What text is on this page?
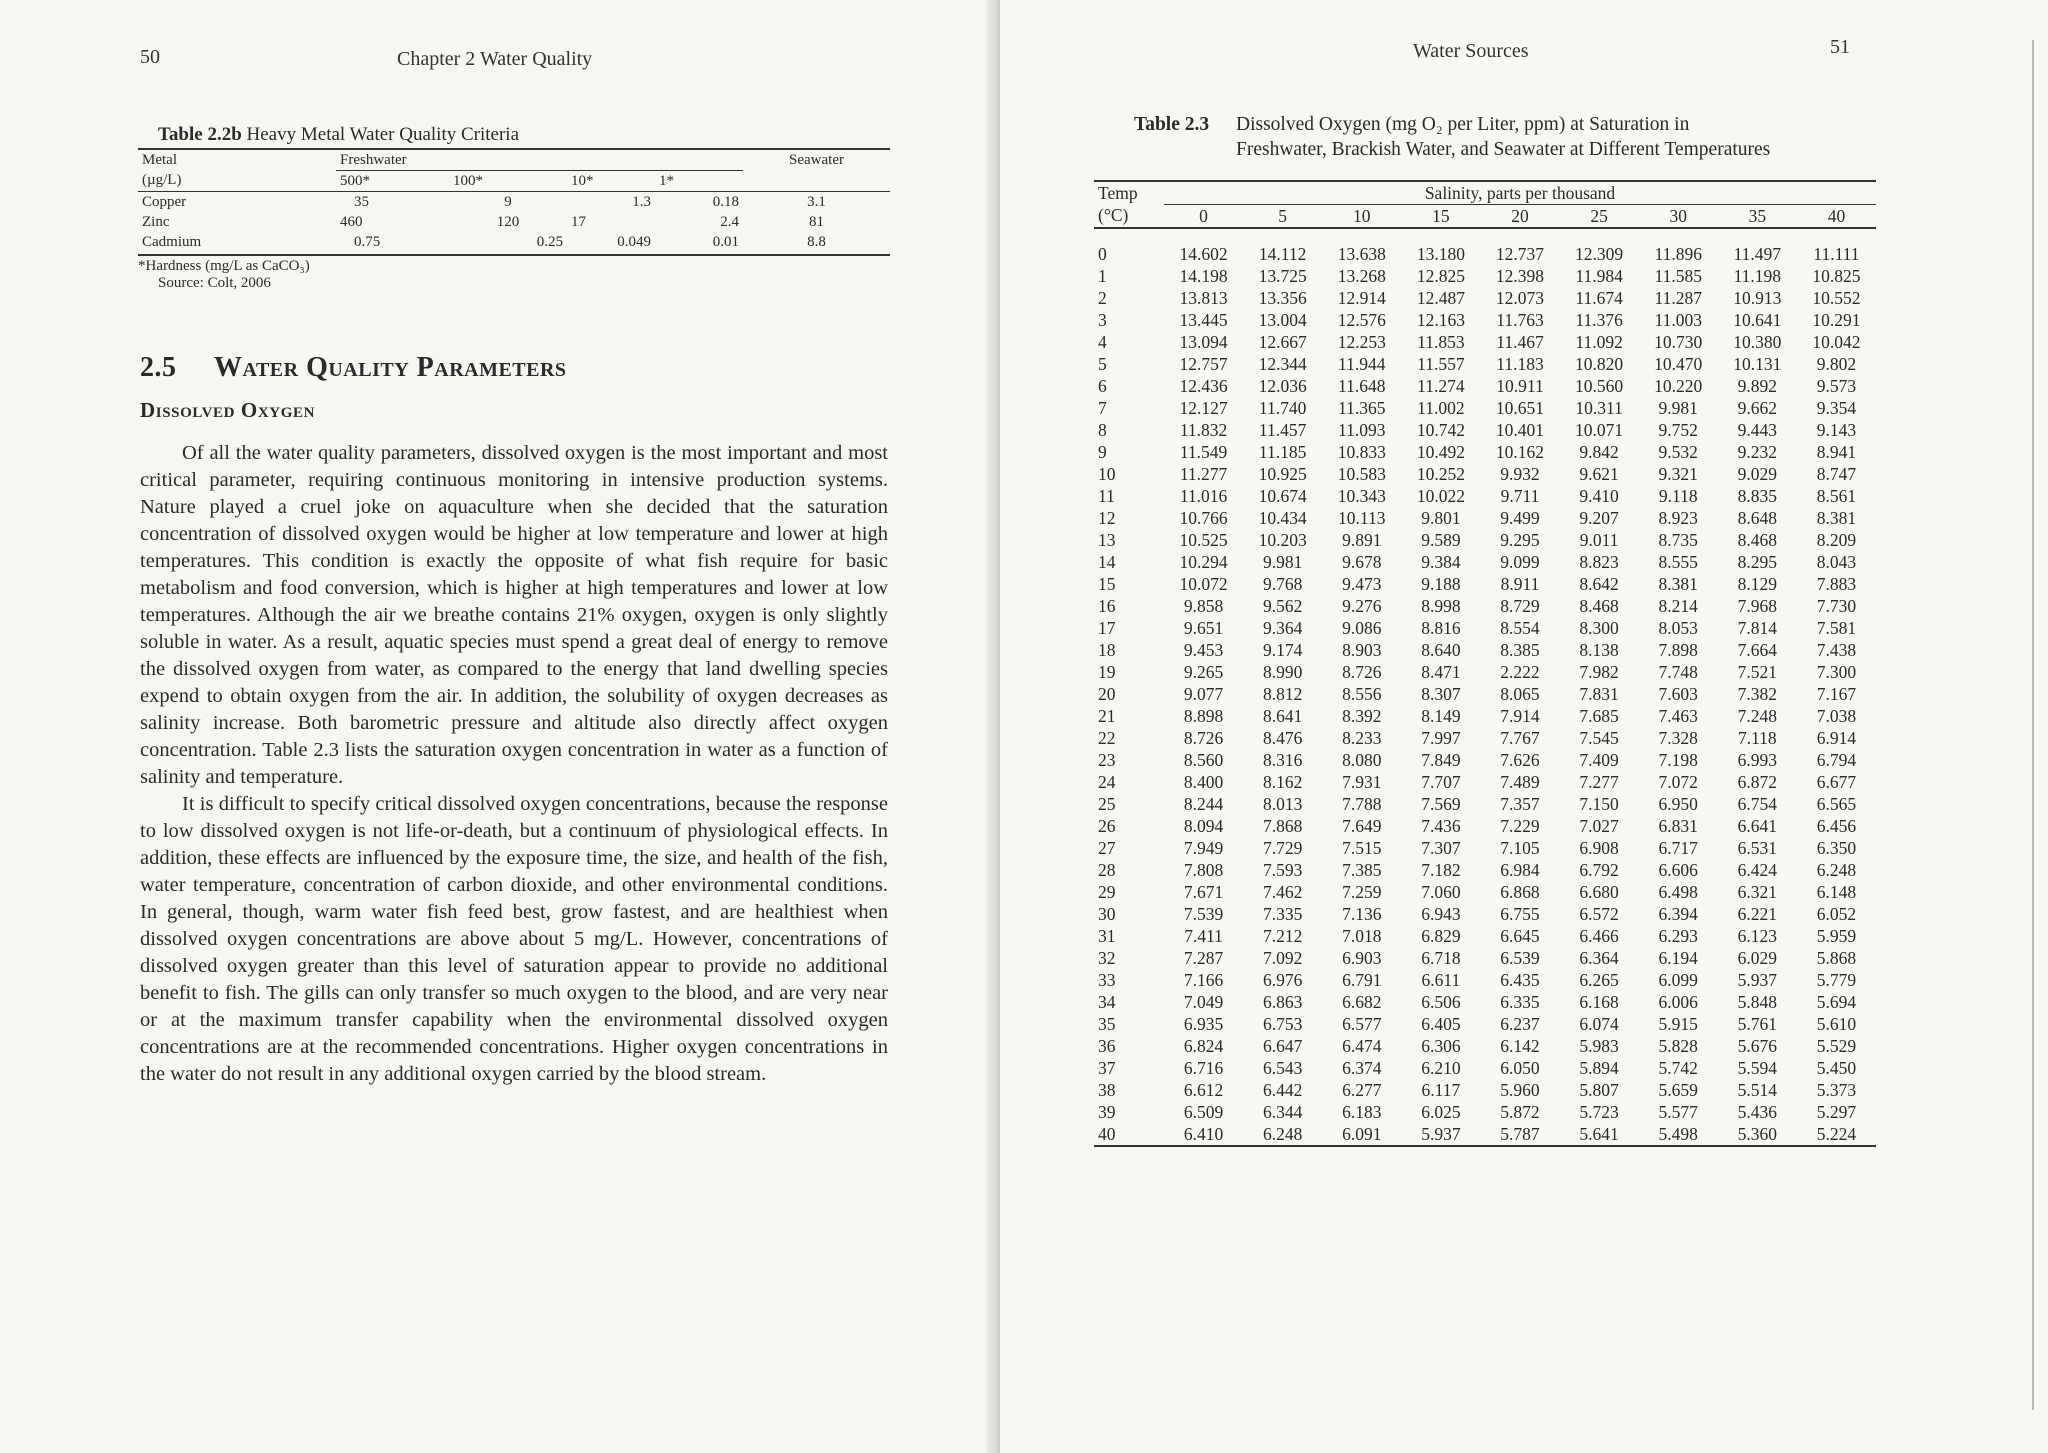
50	Chapter 2 Water Quality
Table 2.2b Heavy Metal Water Quality Criteria
Metal	Freshwater				Seawater
(µg/L)	500*	100*	10*	1*	
Copper	35	9	1.3	0.18	3.1
Zinc	460	120	17	2.4	81
Cadmium	0.75	0.25	0.049	0.01	8.8
*Hardness (mg/L as CaCO₃)
Source: Colt, 2006
2.5 Water Quality Parameters
Dissolved Oxygen

Of all the water quality parameters, dissolved oxygen is the most important and most critical parameter, requiring continuous monitoring in intensive production systems. Nature played a cruel joke on aquaculture when she decided that the saturation concentration of dissolved oxygen would be higher at low temperature and lower at high temperatures. This condition is exactly the opposite of what fish require for basic metabolism and food conversion, which is higher at high temperatures and lower at low temperatures. Although the air we breathe contains 21% oxygen, oxygen is only slightly soluble in water. As a result, aquatic species must spend a great deal of energy to remove the dissolved oxygen from water, as compared to the energy that land dwelling species expend to obtain oxygen from the air. In addition, the solubility of oxygen decreases as salinity increase. Both barometric pressure and altitude also directly affect oxygen concentration. Table 2.3 lists the saturation oxygen concentration in water as a function of salinity and temperature.

It is difficult to specify critical dissolved oxygen concentrations, because the response to low dissolved oxygen is not life-or-death, but a continuum of physiological effects. In addition, these effects are influenced by the exposure time, the size, and health of the fish, water temperature, concentration of carbon dioxide, and other environmental conditions. In general, though, warm water fish feed best, grow fastest, and are healthiest when dissolved oxygen concentrations are above about 5 mg/L. However, concentrations of dissolved oxygen greater than this level of saturation appear to provide no additional benefit to fish. The gills can only transfer so much oxygen to the blood, and are very near or at the maximum transfer capability when the environmental dissolved oxygen concentrations are at the recommended concentrations. Higher oxygen concentrations in the water do not result in any additional oxygen carried by the blood stream.

Water Sources	51
Table 2.3 Dissolved Oxygen (mg O₂ per Liter, ppm) at Saturation in Freshwater, Brackish Water, and Seawater at Different Temperatures
Temp	Salinity, parts per thousand								
(°C)	0	5	10	15	20	25	30	35	40
0	14.602	14.112	13.638	13.180	12.737	12.309	11.896	11.497	11.111
1	14.198	13.725	13.268	12.825	12.398	11.984	11.585	11.198	10.825
2	13.813	13.356	12.914	12.487	12.073	11.674	11.287	10.913	10.552
3	13.445	13.004	12.576	12.163	11.763	11.376	11.003	10.641	10.291
4	13.094	12.667	12.253	11.853	11.467	11.092	10.730	10.380	10.042
5	12.757	12.344	11.944	11.557	11.183	10.820	10.470	10.131	9.802
6	12.436	12.036	11.648	11.274	10.911	10.560	10.220	9.892	9.573
7	12.127	11.740	11.365	11.002	10.651	10.311	9.981	9.662	9.354
8	11.832	11.457	11.093	10.742	10.401	10.071	9.752	9.443	9.143
9	11.549	11.185	10.833	10.492	10.162	9.842	9.532	9.232	8.941
10	11.277	10.925	10.583	10.252	9.932	9.621	9.321	9.029	8.747
11	11.016	10.674	10.343	10.022	9.711	9.410	9.118	8.835	8.561
12	10.766	10.434	10.113	9.801	9.499	9.207	8.923	8.648	8.381
13	10.525	10.203	9.891	9.589	9.295	9.011	8.735	8.468	8.209
14	10.294	9.981	9.678	9.384	9.099	8.823	8.555	8.295	8.043
15	10.072	9.768	9.473	9.188	8.911	8.642	8.381	8.129	7.883
16	9.858	9.562	9.276	8.998	8.729	8.468	8.214	7.968	7.730
17	9.651	9.364	9.086	8.816	8.554	8.300	8.053	7.814	7.581
18	9.453	9.174	8.903	8.640	8.385	8.138	7.898	7.664	7.438
19	9.265	8.990	8.726	8.471	2.222	7.982	7.748	7.521	7.300
20	9.077	8.812	8.556	8.307	8.065	7.831	7.603	7.382	7.167
21	8.898	8.641	8.392	8.149	7.914	7.685	7.463	7.248	7.038
22	8.726	8.476	8.233	7.997	7.767	7.545	7.328	7.118	6.914
23	8.560	8.316	8.080	7.849	7.626	7.409	7.198	6.993	6.794
24	8.400	8.162	7.931	7.707	7.489	7.277	7.072	6.872	6.677
25	8.244	8.013	7.788	7.569	7.357	7.150	6.950	6.754	6.565
26	8.094	7.868	7.649	7.436	7.229	7.027	6.831	6.641	6.456
27	7.949	7.729	7.515	7.307	7.105	6.908	6.717	6.531	6.350
28	7.808	7.593	7.385	7.182	6.984	6.792	6.606	6.424	6.248
29	7.671	7.462	7.259	7.060	6.868	6.680	6.498	6.321	6.148
30	7.539	7.335	7.136	6.943	6.755	6.572	6.394	6.221	6.052
31	7.411	7.212	7.018	6.829	6.645	6.466	6.293	6.123	5.959
32	7.287	7.092	6.903	6.718	6.539	6.364	6.194	6.029	5.868
33	7.166	6.976	6.791	6.611	6.435	6.265	6.099	5.937	5.779
34	7.049	6.863	6.682	6.506	6.335	6.168	6.006	5.848	5.694
35	6.935	6.753	6.577	6.405	6.237	6.074	5.915	5.761	5.610
36	6.824	6.647	6.474	6.306	6.142	5.983	5.828	5.676	5.529
37	6.716	6.543	6.374	6.210	6.050	5.894	5.742	5.594	5.450
38	6.612	6.442	6.277	6.117	5.960	5.807	5.659	5.514	5.373
39	6.509	6.344	6.183	6.025	5.872	5.723	5.577	5.436	5.297
40	6.410	6.248	6.091	5.937	5.787	5.641	5.498	5.360	5.224
